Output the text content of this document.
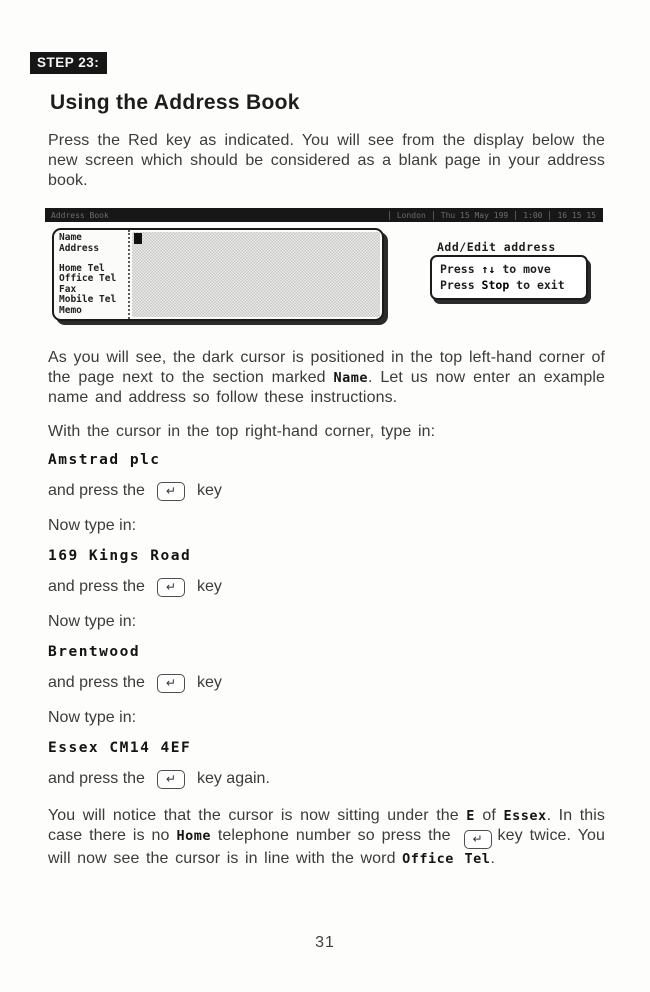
STEP 23:
Using the Address Book

Press the Red key as indicated. You will see from the display below the new screen which should be considered as a blank page in your address book.

Address Book	London	Thu 15 May 199	1:00	16 15 15
Name
Address
Home Tel
Office Tel
Fax
Mobile Tel
Memo
Add/Edit address
Press ↑↓ to move
Press Stop to exit

As you will see, the dark cursor is positioned in the top left-hand corner of the page next to the section marked Name. Let us now enter an example name and address so follow these instructions.

With the cursor in the top right-hand corner, type in:

Amstrad plc
and press the ↵ key

Now type in:

169 Kings Road
and press the ↵ key

Now type in:

Brentwood
and press the ↵ key

Now type in:

Essex CM14 4EF
and press the ↵ key again.

You will notice that the cursor is now sitting under the E of Essex. In this case there is no Home telephone number so press the ↵ key twice. You will now see the cursor is in line with the word Office Tel.

31
